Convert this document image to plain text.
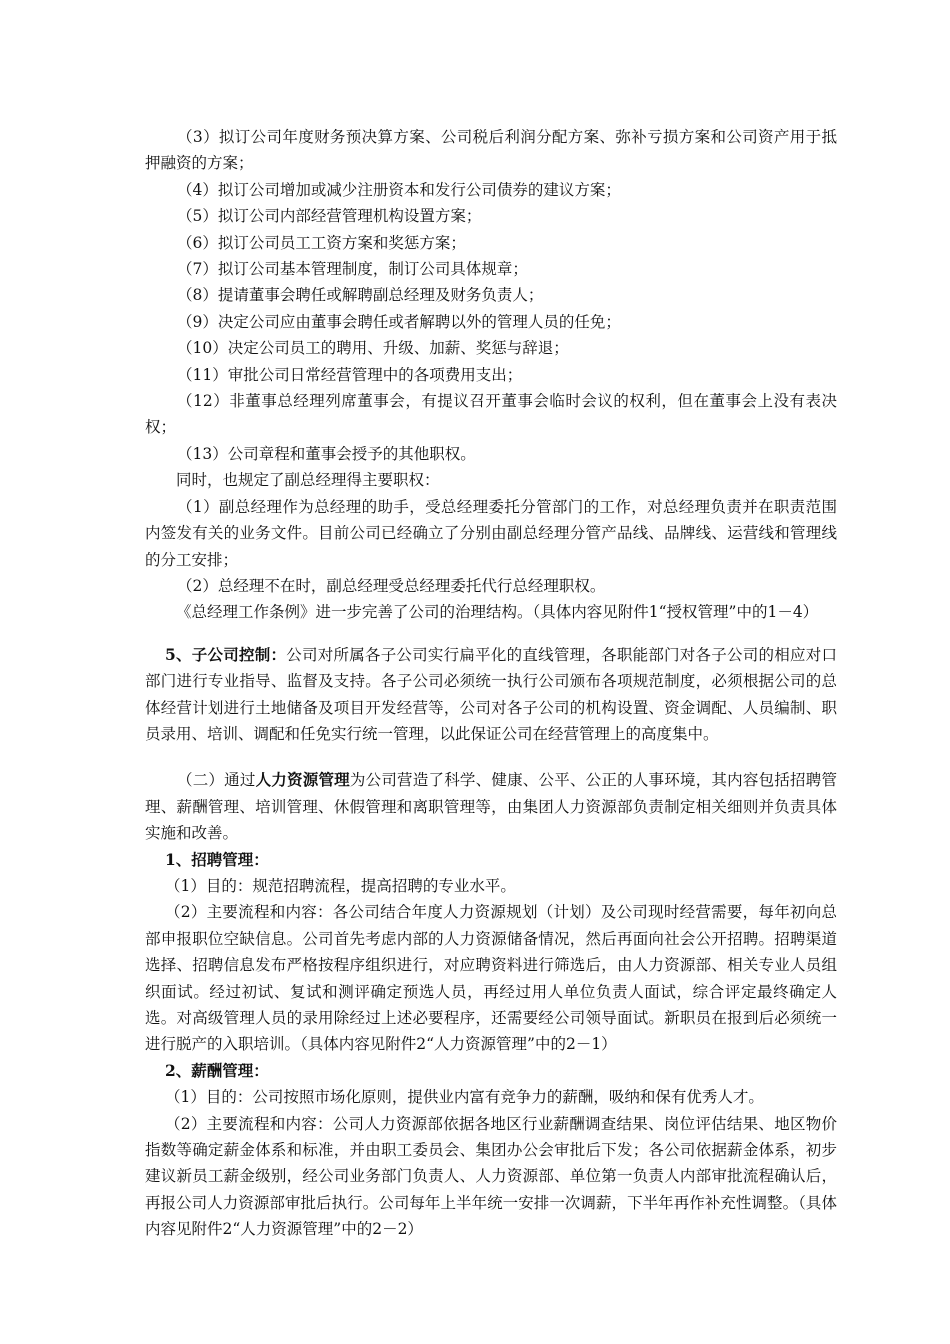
（3）拟订公司年度财务预决算方案、公司税后利润分配方案、弥补亏损方案和公司资产用于抵押融资的方案；

（4）拟订公司增加或减少注册资本和发行公司债券的建议方案；

（5）拟订公司内部经营管理机构设置方案；

（6）拟订公司员工工资方案和奖惩方案；

（7）拟订公司基本管理制度，制订公司具体规章；

（8）提请董事会聘任或解聘副总经理及财务负责人；

（9）决定公司应由董事会聘任或者解聘以外的管理人员的任免；

（10）决定公司员工的聘用、升级、加薪、奖惩与辞退；

（11）审批公司日常经营管理中的各项费用支出；

（12）非董事总经理列席董事会，有提议召开董事会临时会议的权利，但在董事会上没有表决权；

（13）公司章程和董事会授予的其他职权。

同时，也规定了副总经理得主要职权：

（1）副总经理作为总经理的助手，受总经理委托分管部门的工作，对总经理负责并在职责范围内签发有关的业务文件。目前公司已经确立了分别由副总经理分管产品线、品牌线、运营线和管理线的分工安排；

（2）总经理不在时，副总经理受总经理委托代行总经理职权。

《总经理工作条例》进一步完善了公司的治理结构。（具体内容见附件1“授权管理”中的1－4）

5、子公司控制：公司对所属各子公司实行扁平化的直线管理，各职能部门对各子公司的相应对口部门进行专业指导、监督及支持。各子公司必须统一执行公司颁布各项规范制度，必须根据公司的总体经营计划进行土地储备及项目开发经营等，公司对各子公司的机构设置、资金调配、人员编制、职员录用、培训、调配和任免实行统一管理，以此保证公司在经营管理上的高度集中。

（二）通过人力资源管理为公司营造了科学、健康、公平、公正的人事环境，其内容包括招聘管理、薪酬管理、培训管理、休假管理和离职管理等，由集团人力资源部负责制定相关细则并负责具体实施和改善。

1、招聘管理：

（1）目的：规范招聘流程，提高招聘的专业水平。

（2）主要流程和内容：各公司结合年度人力资源规划（计划）及公司现时经营需要，每年初向总部申报职位空缺信息。公司首先考虑内部的人力资源储备情况，然后再面向社会公开招聘。招聘渠道选择、招聘信息发布严格按程序组织进行，对应聘资料进行筛选后，由人力资源部、相关专业人员组织面试。经过初试、复试和测评确定预选人员，再经过用人单位负责人面试，综合评定最终确定人选。对高级管理人员的录用除经过上述必要程序，还需要经公司领导面试。新职员在报到后必须统一进行脱产的入职培训。（具体内容见附件2“人力资源管理”中的2－1）

2、薪酬管理：

（1）目的：公司按照市场化原则，提供业内富有竞争力的薪酬，吸纳和保有优秀人才。

（2）主要流程和内容：公司人力资源部依据各地区行业薪酬调查结果、岗位评估结果、地区物价指数等确定薪金体系和标准，并由职工委员会、集团办公会审批后下发；各公司依据薪金体系，初步建议新员工薪金级别，经公司业务部门负责人、人力资源部、单位第一负责人内部审批流程确认后，再报公司人力资源部审批后执行。公司每年上半年统一安排一次调薪，下半年再作补充性调整。（具体内容见附件2“人力资源管理”中的2－2）
